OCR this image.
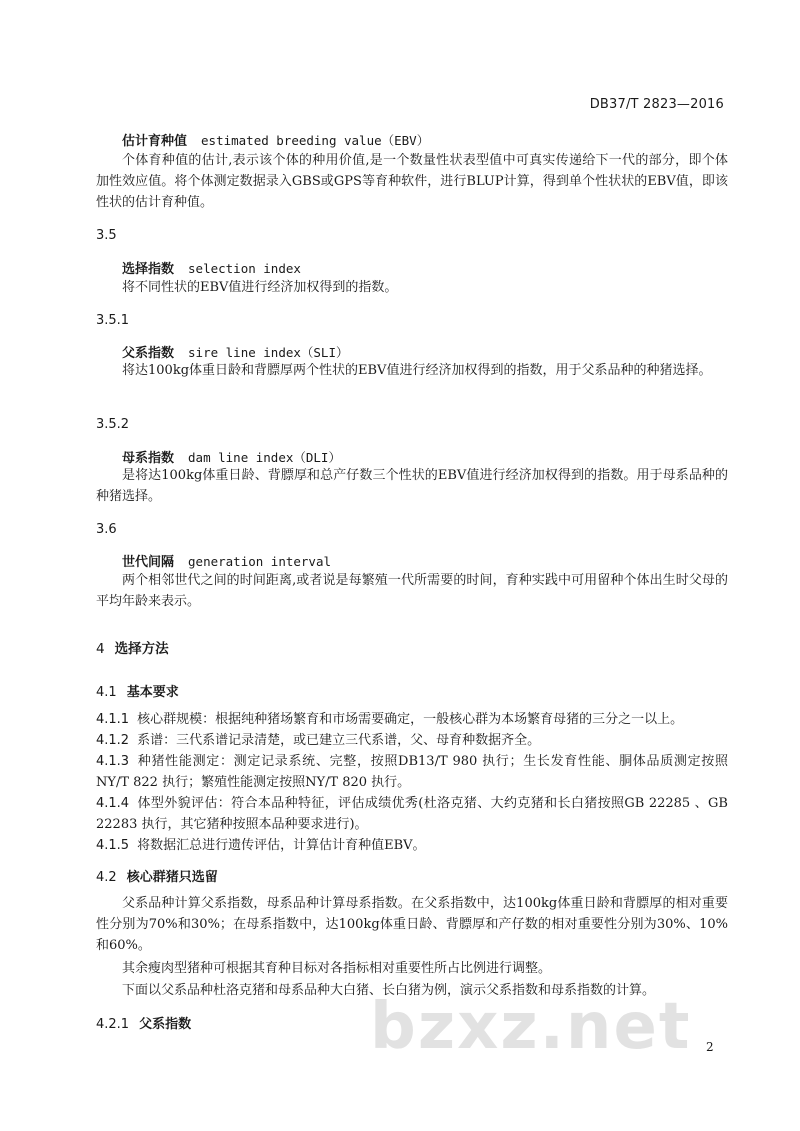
DB37/T 2823—2016
估计育种值 estimated breeding value（EBV）
个体育种值的估计,表示该个体的种用价值,是一个数量性状表型值中可真实传递给下一代的部分，即个体加性效应值。将个体测定数据录入GBS或GPS等育种软件，进行BLUP计算，得到单个性状状的EBV值，即该性状的估计育种值。
3.5
选择指数 selection index
将不同性状的EBV值进行经济加权得到的指数。
3.5.1
父系指数 sire line index（SLI）
将达100kg体重日龄和背膘厚两个性状的EBV值进行经济加权得到的指数，用于父系品种的种猪选择。
3.5.2
母系指数 dam line index（DLI）
是将达100kg体重日龄、背膘厚和总产仔数三个性状的EBV值进行经济加权得到的指数。用于母系品种的种猪选择。
3.6
世代间隔 generation interval
两个相邻世代之间的时间距离,或者说是每繁殖一代所需要的时间，育种实践中可用留种个体出生时父母的平均年龄来表示。
4 选择方法
4.1 基本要求
4.1.1 核心群规模：根据纯种猪场繁育和市场需要确定，一般核心群为本场繁育母猪的三分之一以上。
4.1.2 系谱：三代系谱记录清楚，或已建立三代系谱，父、母育种数据齐全。
4.1.3 种猪性能测定：测定记录系统、完整，按照DB13/T 980 执行；生长发育性能、胴体品质测定按照NY/T 822 执行；繁殖性能测定按照NY/T 820 执行。
4.1.4 体型外貌评估：符合本品种特征，评估成绩优秀(杜洛克猪、大约克猪和长白猪按照GB 22285 、GB 22283 执行，其它猪种按照本品种要求进行)。
4.1.5 将数据汇总进行遗传评估，计算估计育种值EBV。
4.2 核心群猪只选留
父系品种计算父系指数，母系品种计算母系指数。在父系指数中，达100kg体重日龄和背膘厚的相对重要性分别为70%和30%；在母系指数中，达100kg体重日龄、背膘厚和产仔数的相对重要性分别为30%、10%和60%。
其余瘦肉型猪种可根据其育种目标对各指标相对重要性所占比例进行调整。
下面以父系品种杜洛克猪和母系品种大白猪、长白猪为例，演示父系指数和母系指数的计算。
4.2.1 父系指数	bzxz.net 2
